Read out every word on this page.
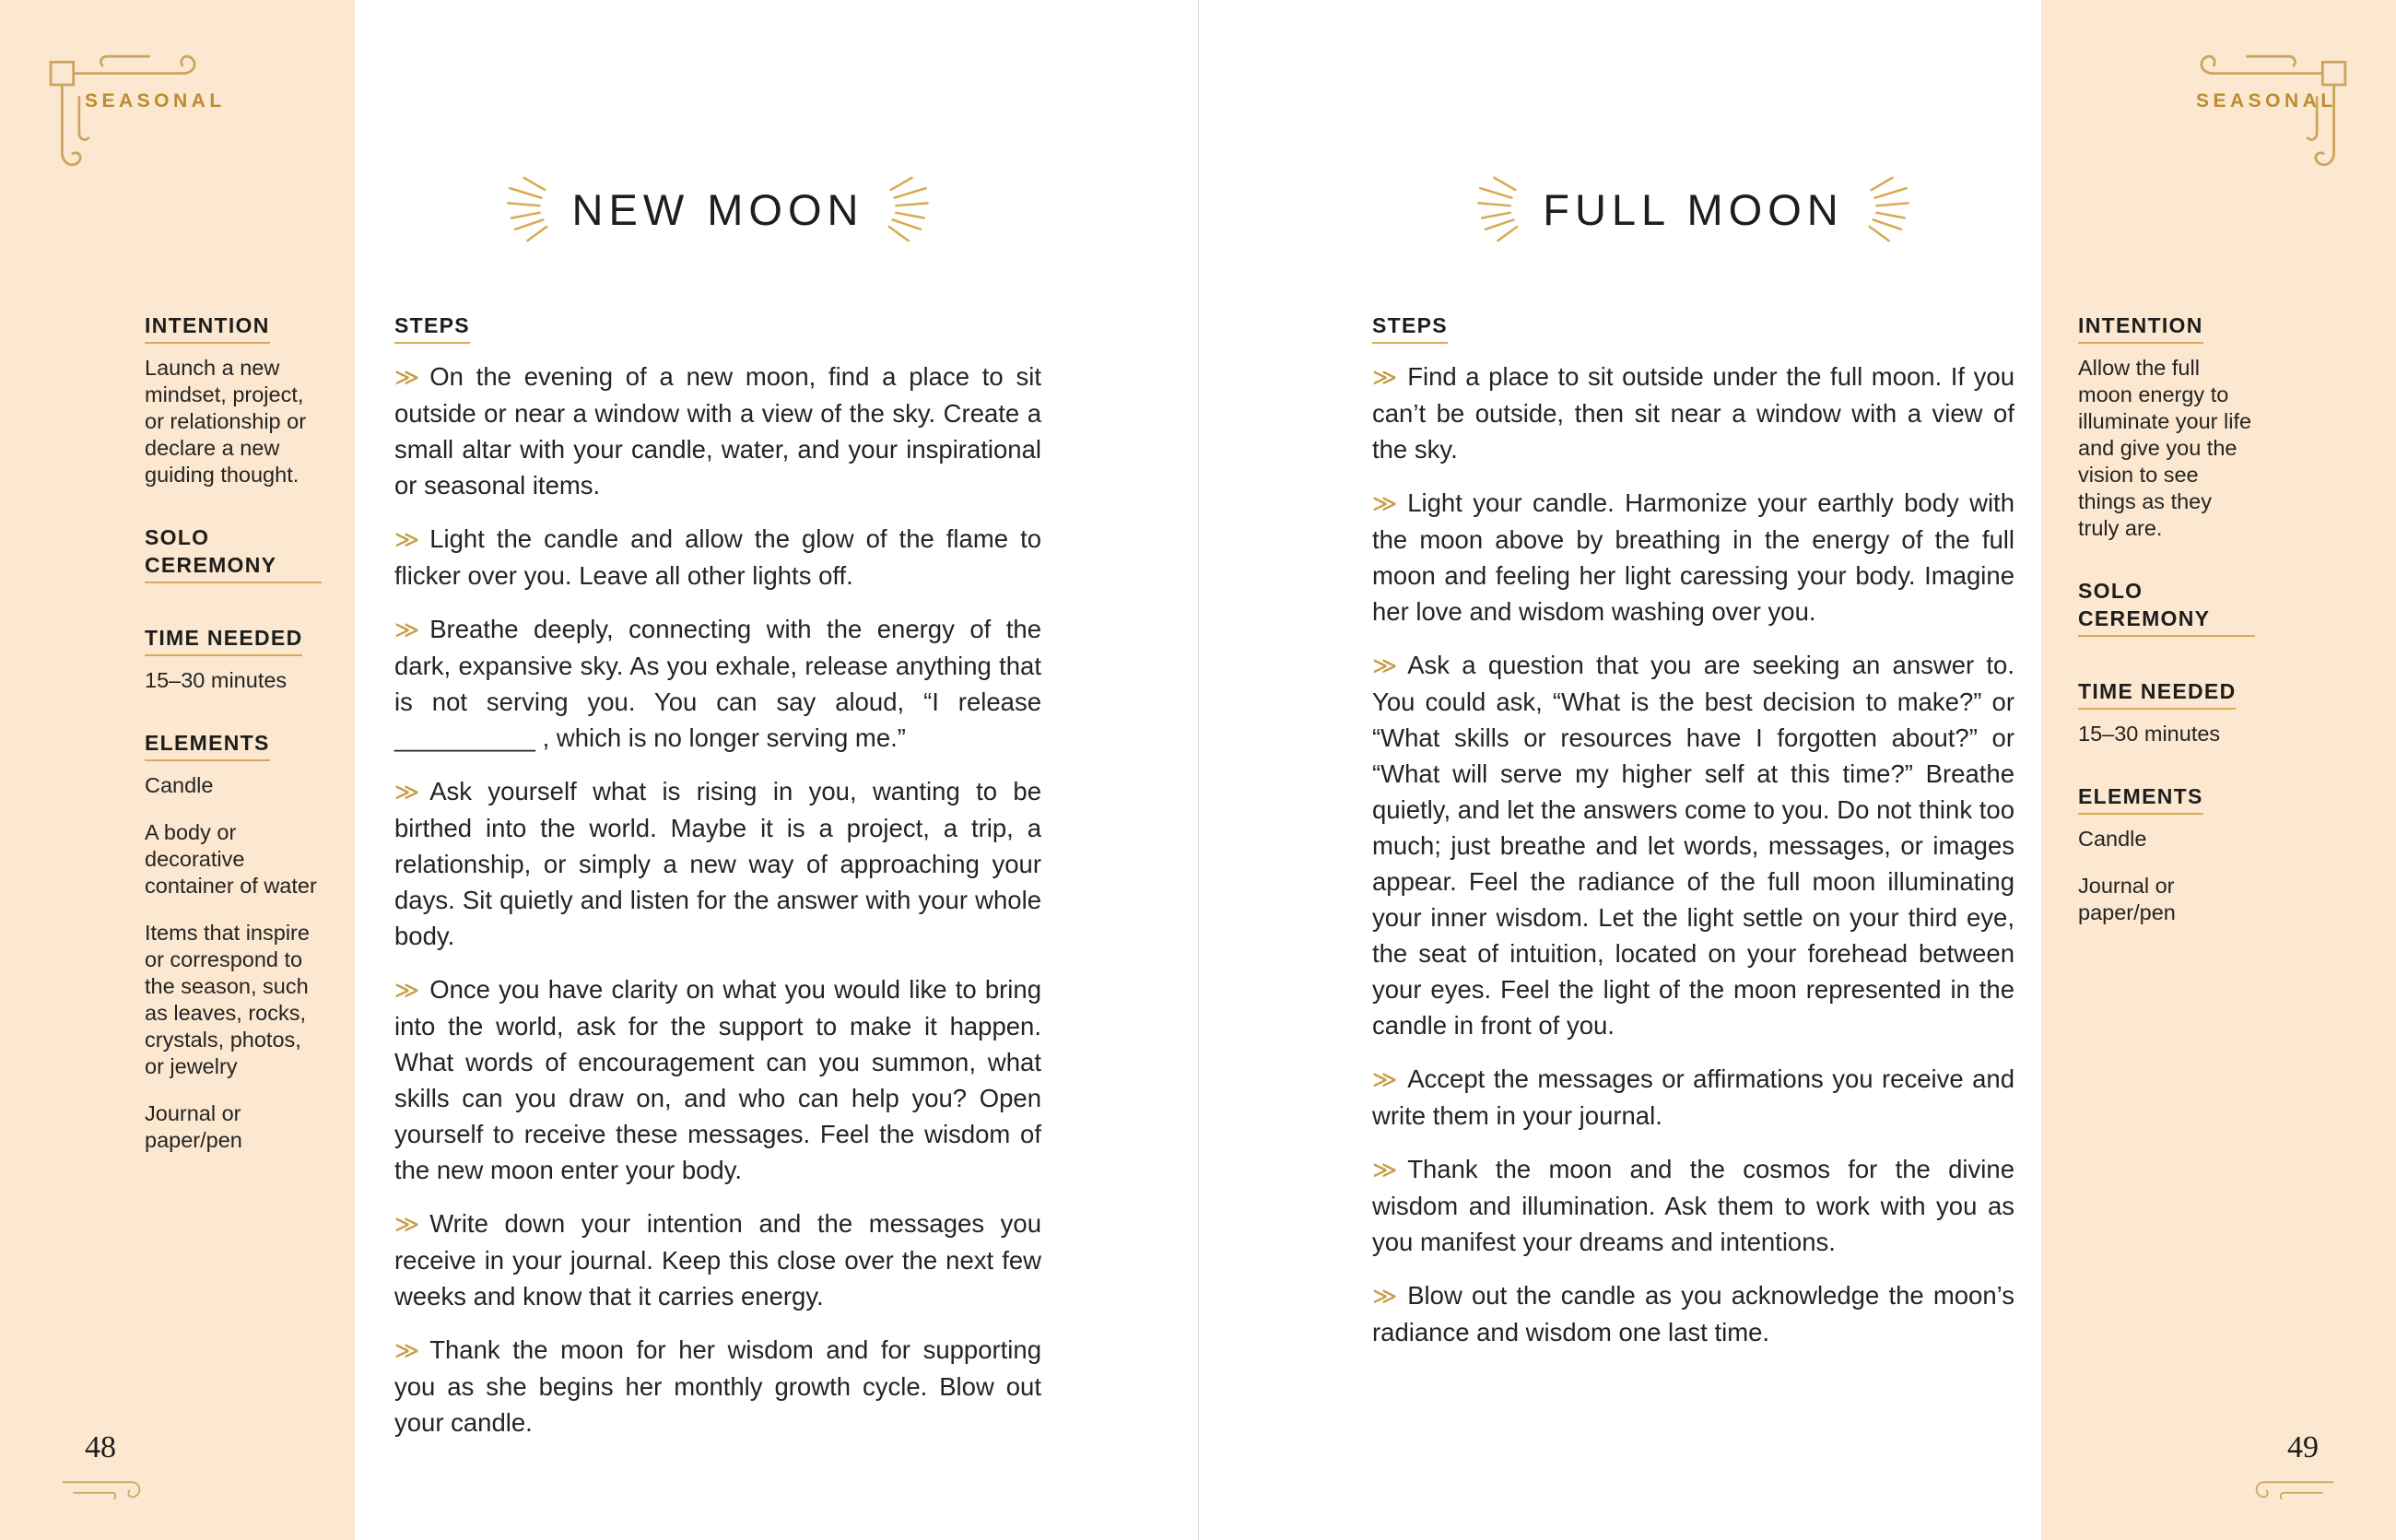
INTENTION

Launch a new mindset, project, or relationship or declare a new guiding thought.

SOLO CEREMONY

TIME NEEDED

15–30 minutes

ELEMENTS

Candle

A body or decorative container of water

Items that inspire or correspond to the season, such as leaves, rocks, crystals, photos, or jewelry

Journal or paper/pen

NEW MOON

STEPS

≫ On the evening of a new moon, find a place to sit outside or near a window with a view of the sky. Create a small altar with your candle, water, and your inspirational or seasonal items.

≫ Light the candle and allow the glow of the flame to flicker over you. Leave all other lights off.

≫ Breathe deeply, connecting with the energy of the dark, expansive sky. As you exhale, release anything that is not serving you. You can say aloud, “I release __________ , which is no longer serving me.”

≫ Ask yourself what is rising in you, wanting to be birthed into the world. Maybe it is a project, a trip, a relationship, or simply a new way of approaching your days. Sit quietly and listen for the answer with your whole body.

≫ Once you have clarity on what you would like to bring into the world, ask for the support to make it happen. What words of encouragement can you summon, what skills can you draw on, and who can help you? Open yourself to receive these messages. Feel the wisdom of the new moon enter your body.

≫ Write down your intention and the messages you receive in your journal. Keep this close over the next few weeks and know that it carries energy.

≫ Thank the moon for her wisdom and for supporting you as she begins her monthly growth cycle. Blow out your candle.

FULL MOON

STEPS

≫ Find a place to sit outside under the full moon. If you can’t be outside, then sit near a window with a view of the sky.

≫ Light your candle. Harmonize your earthly body with the moon above by breathing in the energy of the full moon and feeling her light caressing your body. Imagine her love and wisdom washing over you.

≫ Ask a question that you are seeking an answer to. You could ask, “What is the best decision to make?” or “What skills or resources have I forgotten about?” or “What will serve my higher self at this time?” Breathe quietly, and let the answers come to you. Do not think too much; just breathe and let words, messages, or images appear. Feel the radiance of the full moon illuminating your inner wisdom. Let the light settle on your third eye, the seat of intuition, located on your forehead between your eyes. Feel the light of the moon represented in the candle in front of you.

≫ Accept the messages or affirmations you receive and write them in your journal.

≫ Thank the moon and the cosmos for the divine wisdom and illumination. Ask them to work with you as you manifest your dreams and intentions.

≫ Blow out the candle as you acknowledge the moon’s radiance and wisdom one last time.

INTENTION

Allow the full moon energy to illuminate your life and give you the vision to see things as they truly are.

SOLO CEREMONY

TIME NEEDED

15–30 minutes

ELEMENTS

Candle

Journal or paper/pen

SEASONAL	SEASONAL
48	49
